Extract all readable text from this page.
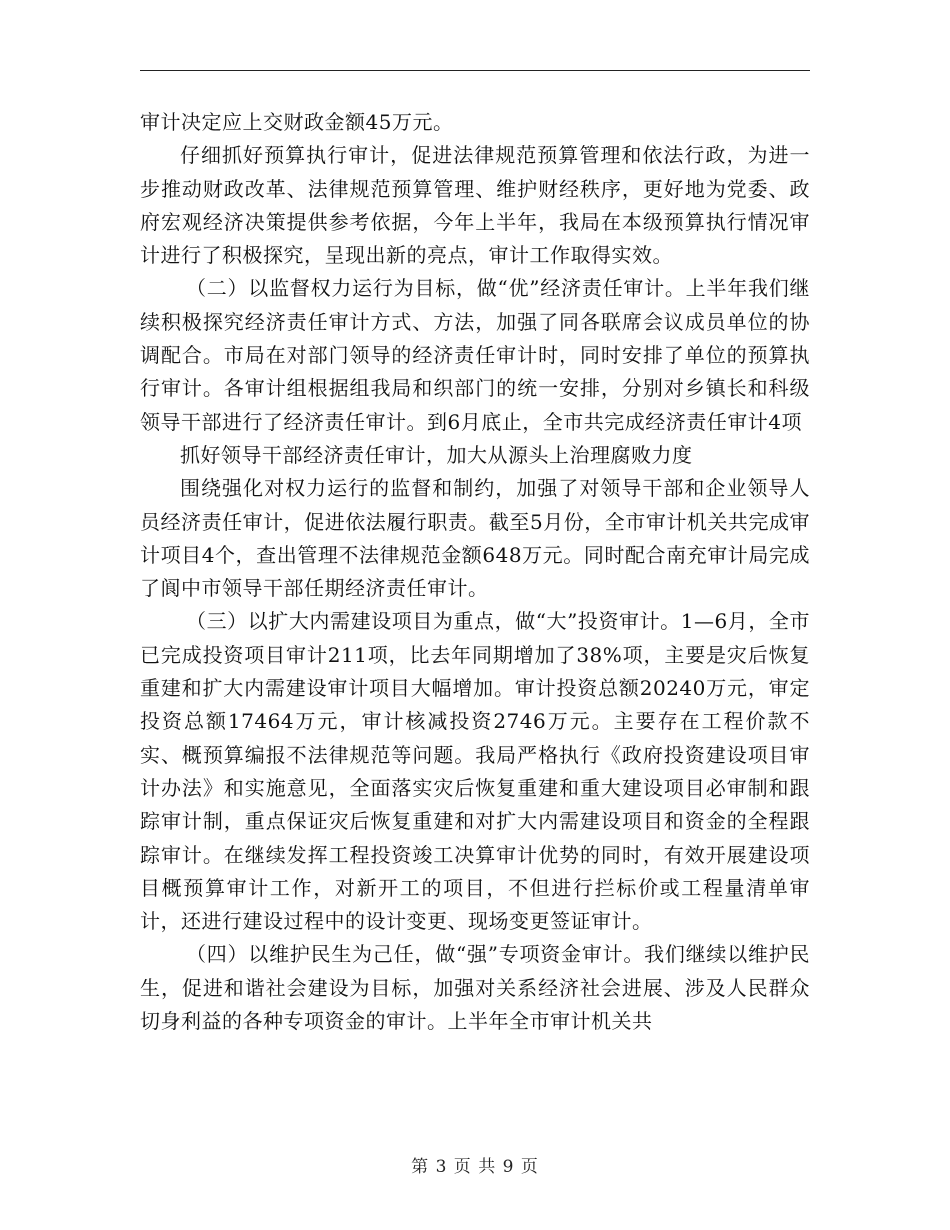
审计决定应上交财政金额45万元。

仔细抓好预算执行审计，促进法律规范预算管理和依法行政，为进一步推动财政改革、法律规范预算管理、维护财经秩序，更好地为党委、政府宏观经济决策提供参考依据，今年上半年，我局在本级预算执行情况审计进行了积极探究，呈现出新的亮点，审计工作取得实效。

（二）以监督权力运行为目标，做“优”经济责任审计。上半年我们继续积极探究经济责任审计方式、方法，加强了同各联席会议成员单位的协调配合。市局在对部门领导的经济责任审计时，同时安排了单位的预算执行审计。各审计组根据组我局和织部门的统一安排，分别对乡镇长和科级领导干部进行了经济责任审计。到6月底止，全市共完成经济责任审计4项

抓好领导干部经济责任审计，加大从源头上治理腐败力度

围绕强化对权力运行的监督和制约，加强了对领导干部和企业领导人员经济责任审计，促进依法履行职责。截至5月份，全市审计机关共完成审计项目4个，查出管理不法律规范金额648万元。同时配合南充审计局完成了阆中市领导干部任期经济责任审计。

（三）以扩大内需建设项目为重点，做“大”投资审计。1—6月，全市已完成投资项目审计211项，比去年同期增加了38%项，主要是灾后恢复重建和扩大内需建设审计项目大幅增加。审计投资总额20240万元，审定投资总额17464万元，审计核减投资2746万元。主要存在工程价款不实、概预算编报不法律规范等问题。我局严格执行《政府投资建设项目审计办法》和实施意见，全面落实灾后恢复重建和重大建设项目必审制和跟踪审计制，重点保证灾后恢复重建和对扩大内需建设项目和资金的全程跟踪审计。在继续发挥工程投资竣工决算审计优势的同时，有效开展建设项目概预算审计工作，对新开工的项目，不但进行拦标价或工程量清单审计，还进行建设过程中的设计变更、现场变更签证审计。

（四）以维护民生为己任，做“强”专项资金审计。我们继续以维护民生，促进和谐社会建设为目标，加强对关系经济社会进展、涉及人民群众切身利益的各种专项资金的审计。上半年全市审计机关共

第 3 页 共 9 页
